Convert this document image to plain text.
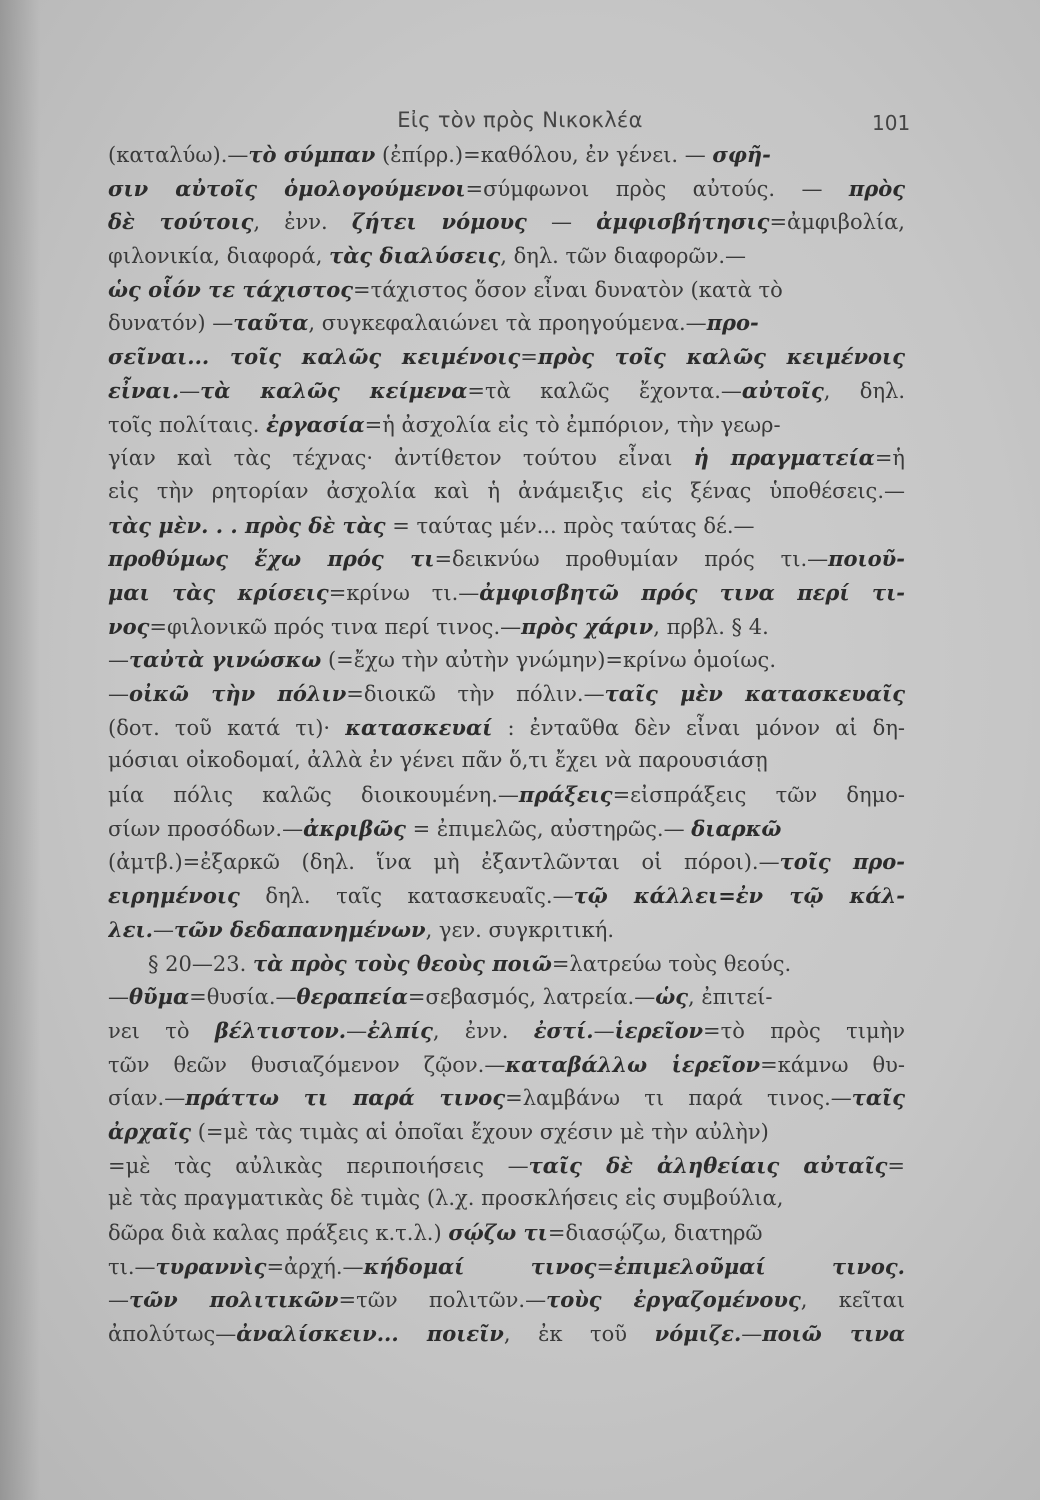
Εἰς τὸν πρὸς Νικοκλέα	101
(καταλύω).—τὸ σύμπαν (ἐπίρρ.)=καθόλου, ἐν γένει. — σφῆ-
σιν αὐτοῖς ὁμολογούμενοι=σύμφωνοι πρὸς αὐτούς. — πρὸς
δὲ τούτοις, ἐνν. ζήτει νόμους — ἀμφισβήτησις=ἀμφιβολία,
φιλονικία, διαφορά, τὰς διαλύσεις, δηλ. τῶν διαφορῶν.—
ὡς οἷόν τε τάχιστος=τάχιστος ὅσον εἶναι δυνατὸν (κατὰ τὸ
δυνατόν) —ταῦτα, συγκεφαλαιώνει τὰ προηγούμενα.—προ-
σεῖναι... τοῖς καλῶς κειμένοις=πρὸς τοῖς καλῶς κειμένοις
εἶναι.—τὰ καλῶς κείμενα=τὰ καλῶς ἔχοντα.—αὐτοῖς, δηλ.
τοῖς πολίταις. ἐργασία=ἡ ἀσχολία εἰς τὸ ἐμπόριον, τὴν γεωρ-
γίαν καὶ τὰς τέχνας· ἀντίθετον τούτου εἶναι ἡ πραγματεία=ἡ
εἰς τὴν ρητορίαν ἀσχολία καὶ ἡ ἀνάμειξις εἰς ξένας ὑποθέσεις.—
τὰς μὲν. . . πρὸς δὲ τὰς = ταύτας μέν... πρὸς ταύτας δέ.—
προθύμως ἔχω πρός τι=δεικνύω προθυμίαν πρός τι.—ποιοῦ-
μαι τὰς κρίσεις=κρίνω τι.—ἀμφισβητῶ πρός τινα περί τι-
νος=φιλονικῶ πρός τινα περί τινος.—πρὸς χάριν, πρβλ. § 4.
—ταὐτὰ γινώσκω (=ἔχω τὴν αὐτὴν γνώμην)=κρίνω ὁμοίως.
—οἰκῶ τὴν πόλιν=διοικῶ τὴν πόλιν.—ταῖς μὲν κατασκευαῖς
(δοτ. τοῦ κατά τι)· κατασκευαί : ἐνταῦθα δὲν εἶναι μόνον αἱ δη-
μόσιαι οἰκοδομαί, ἀλλὰ ἐν γένει πᾶν ὅ,τι ἔχει νὰ παρουσιάσῃ
μία πόλις καλῶς διοικουμένη.—πράξεις=εἰσπράξεις τῶν δημο-
σίων προσόδων.—ἀκριβῶς = ἐπιμελῶς, αὐστηρῶς.— διαρκῶ
(ἀμτβ.)=ἐξαρκῶ (δηλ. ἵνα μὴ ἐξαντλῶνται οἱ πόροι).—τοῖς προ-
ειρημένοις δηλ. ταῖς κατασκευαῖς.—τῷ κάλλει=ἐν τῷ κάλ-
λει.—τῶν δεδαπανημένων, γεν. συγκριτική.
§ 20—23. τὰ πρὸς τοὺς θεοὺς ποιῶ=λατρεύω τοὺς θεούς.
—θῦμα=θυσία.—θεραπεία=σεβασμός, λατρεία.—ὡς, ἐπιτεί-
νει τὸ βέλτιστον.—ἐλπίς, ἐνν. ἐστί.—ἱερεῖον=τὸ πρὸς τιμὴν
τῶν θεῶν θυσιαζόμενον ζῷον.—καταβάλλω ἱερεῖον=κάμνω θυ-
σίαν.—πράττω τι παρά τινος=λαμβάνω τι παρά τινος.—ταῖς
ἀρχαῖς (=μὲ τὰς τιμὰς αἱ ὁποῖαι ἔχουν σχέσιν μὲ τὴν αὐλὴν)
=μὲ τὰς αὐλικὰς περιποιήσεις —ταῖς δὲ ἀληθείαις αὐταῖς=
μὲ τὰς πραγματικὰς δὲ τιμὰς (λ.χ. προσκλήσεις εἰς συμβούλια,
δῶρα διὰ καλας πράξεις κ.τ.λ.) σῴζω τι=διασῴζω, διατηρῶ
τι.—τυραννὶς=ἀρχή.—κήδομαί τινος=ἐπιμελοῦμαί τινος.
—τῶν πολιτικῶν=τῶν πολιτῶν.—τοὺς ἐργαζομένους, κεῖται
ἀπολύτως—ἀναλίσκειν... ποιεῖν, ἐκ τοῦ νόμιζε.—ποιῶ τινα
